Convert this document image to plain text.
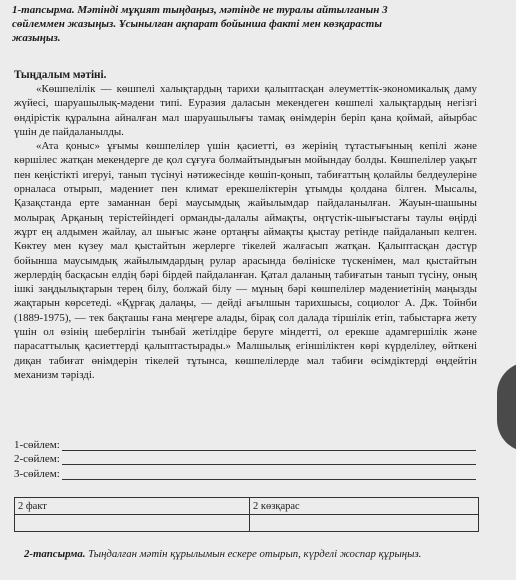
1-тапсырма. Мәтінді мұқият тыңдаңыз, мәтінде не туралы айтылғанын 3
сөйлеммен жазыңыз. Ұсынылған ақпарат бойынша факті мен көзқарасты
жазыңыз.
Тыңдалым мәтіні.

«Көшпелілік — көшпелі халықтардың тарихи қалыптасқан әлеуметтік-экономикалық даму жүйесі, шаруашылық-мәдени типі. Еуразия даласын мекендеген көшпелі халықтардың негізгі өндірістік құралына айналған мал шаруашылығы тамақ өнімдерін беріп қана қоймай, айырбас үшін де пайдаланылды.

«Ата қоныс» ұғымы көшпелілер үшін қасиетті, өз жерінің тұтастығының кепілі және көршілес жатқан мекендерге де қол сұғуға болмайтындығын мойындау болды. Көшпелілер уақыт пен кеңістікті игеруі, танып түсінуі нәтижесінде көшіп-қонып, табиғаттың қолайлы белдеулеріне орналаса отырып, мәдениет пен климат ерекшеліктерін ұтымды қолдана білген. Мысалы, Қазақстанда ерте заманнан бері маусымдық жайылымдар пайдаланылған. Жауын-шашыны молырақ Арқаның терістейіндегі орманды-далалы аймақты, оңтүстік-шығыстағы таулы өңірді жұрт ең алдымен жайлау, ал шығыс және ортаңғы аймақты қыстау ретінде пайдаланып келген. Көктеу мен күзеу мал қыстайтын жерлерге тікелей жалғасып жатқан. Қалыптасқан дәстүр бойынша маусымдық жайылымдардың рулар арасында бөлініске түскенімен, мал қыстайтын жерлердің басқасын елдің бәрі бірдей пайдаланған. Қатал даланың табиғатын танып түсіну, оның ішкі заңдылықтарын терең білу, болжай білу — мұның бәрі көшпелілер мәдениетінің маңызды жақтарын көрсетеді. «Құрғақ далаңы, — дейді ағылшын тарихшысы, социолог А. Дж. Тойнби (1889-1975), — тек бақташы ғана меңгере алады, бірақ сол далада тіршілік етіп, табыстарға жету үшін ол өзінің шеберлігін тынбай жетілдіре беруге міндетті, ол ерекше адамгершілік және парасаттылық қасиеттерді қалыптастырады.» Малшылық егіншіліктен көрі күрделілеу, өйткені диқан табиғат өнімдерін тікелей тұтынса, көшпелілерде мал табиғи өсімдіктерді өңдейтін механизм тәрізді.

1-сөйлем:
2-сөйлем:
3-сөйлем:
2 факт	2 көзқарас

2-тапсырма. Тыңдалған мәтін құрылымын ескере отырып, күрделі жоспар құрыңыз.
